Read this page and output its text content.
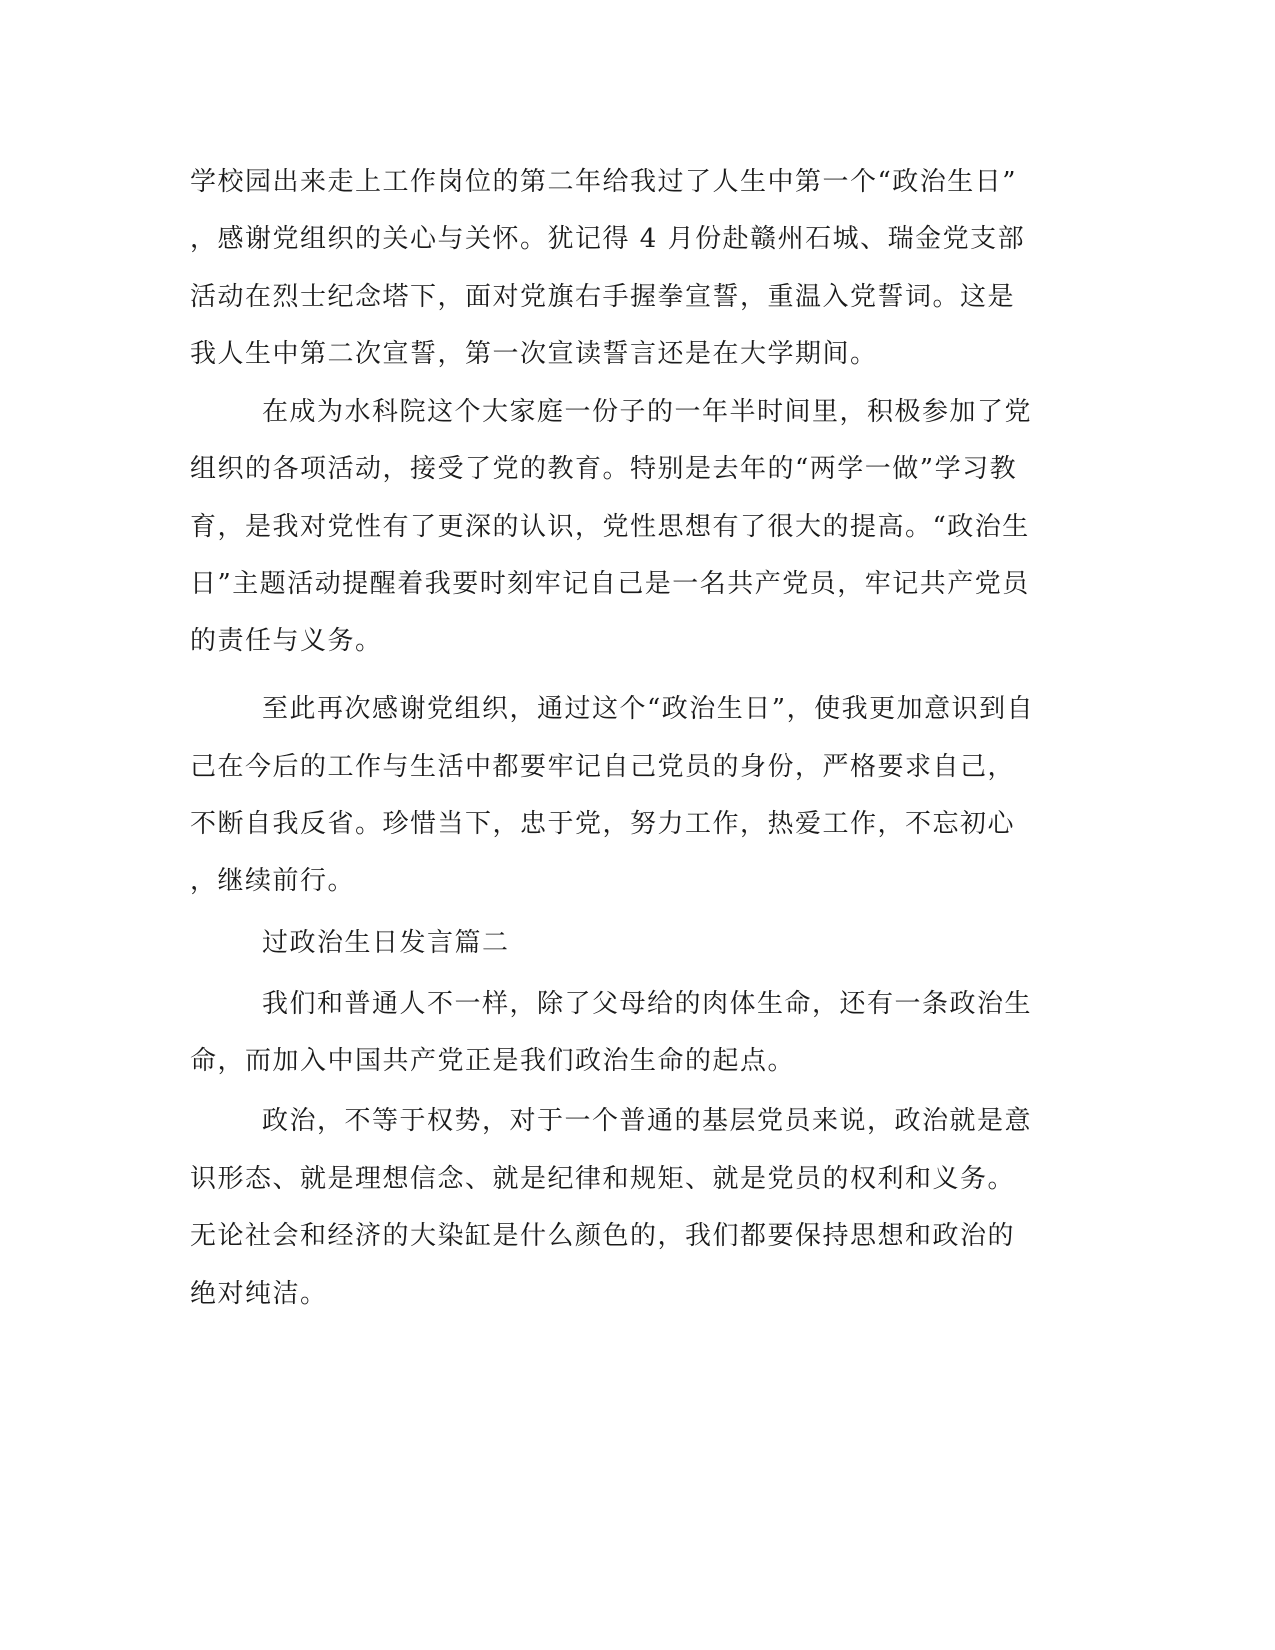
学校园出来走上工作岗位的第二年给我过了人生中第一个“政治生日”
，感谢党组织的关心与关怀。犹记得 4 月份赴赣州石城、瑞金党支部
活动在烈士纪念塔下，面对党旗右手握拳宣誓，重温入党誓词。这是
我人生中第二次宣誓，第一次宣读誓言还是在大学期间。
在成为水科院这个大家庭一份子的一年半时间里，积极参加了党
组织的各项活动，接受了党的教育。特别是去年的“两学一做”学习教
育，是我对党性有了更深的认识，党性思想有了很大的提高。“政治生
日”主题活动提醒着我要时刻牢记自己是一名共产党员，牢记共产党员
的责任与义务。
至此再次感谢党组织，通过这个“政治生日”，使我更加意识到自
己在今后的工作与生活中都要牢记自己党员的身份，严格要求自己，
不断自我反省。珍惜当下，忠于党，努力工作，热爱工作，不忘初心
，继续前行。
过政治生日发言篇二
我们和普通人不一样，除了父母给的肉体生命，还有一条政治生
命，而加入中国共产党正是我们政治生命的起点。
政治，不等于权势，对于一个普通的基层党员来说，政治就是意
识形态、就是理想信念、就是纪律和规矩、就是党员的权利和义务。
无论社会和经济的大染缸是什么颜色的，我们都要保持思想和政治的
绝对纯洁。
